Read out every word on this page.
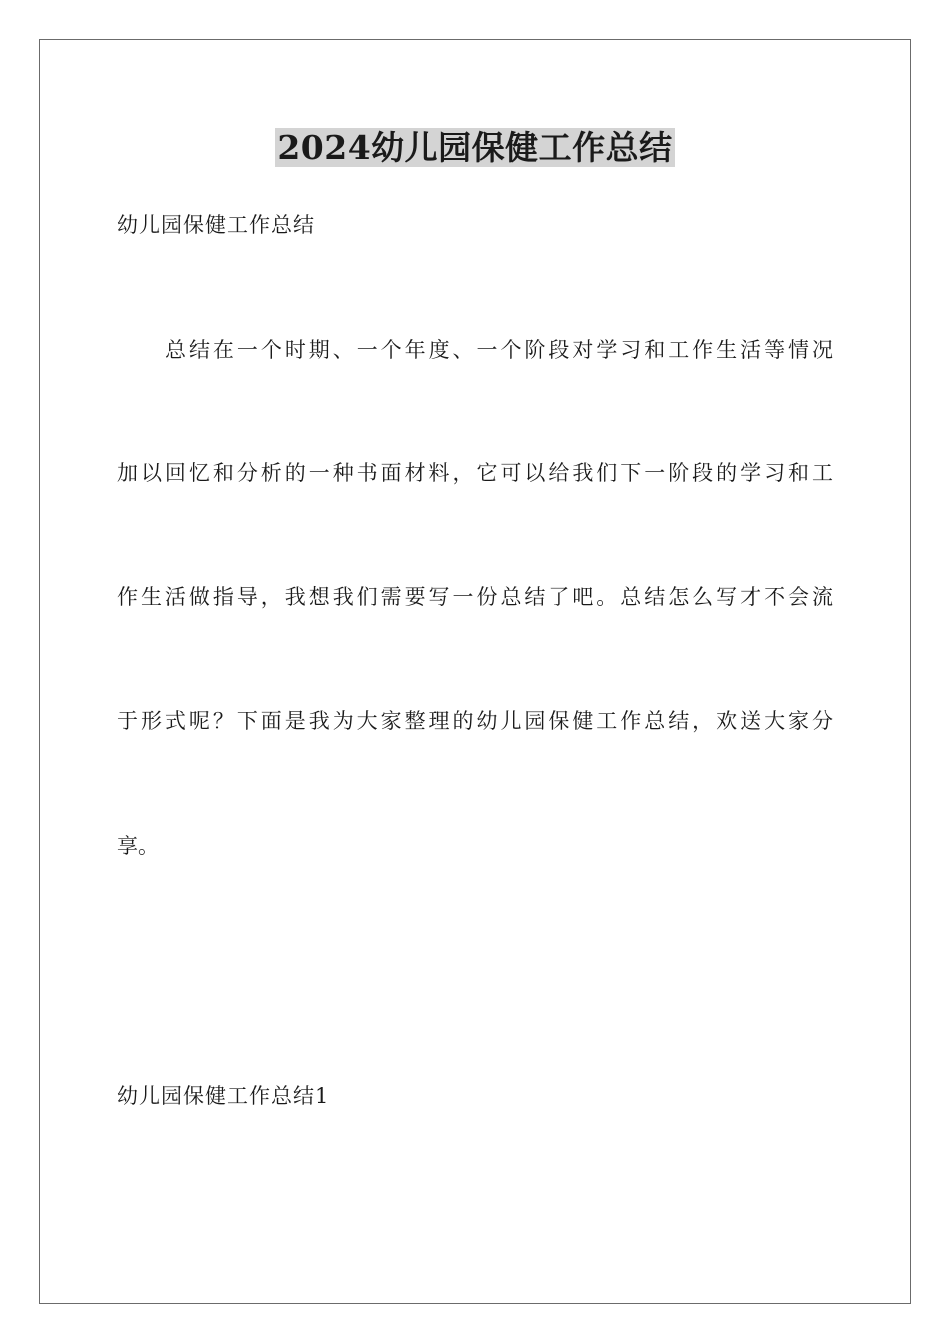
2024幼儿园保健工作总结
幼儿园保健工作总结
总结在一个时期、一个年度、一个阶段对学习和工作生活等情况
加以回忆和分析的一种书面材料，它可以给我们下一阶段的学习和工
作生活做指导，我想我们需要写一份总结了吧。总结怎么写才不会流
于形式呢？下面是我为大家整理的幼儿园保健工作总结，欢送大家分
享。
幼儿园保健工作总结1
